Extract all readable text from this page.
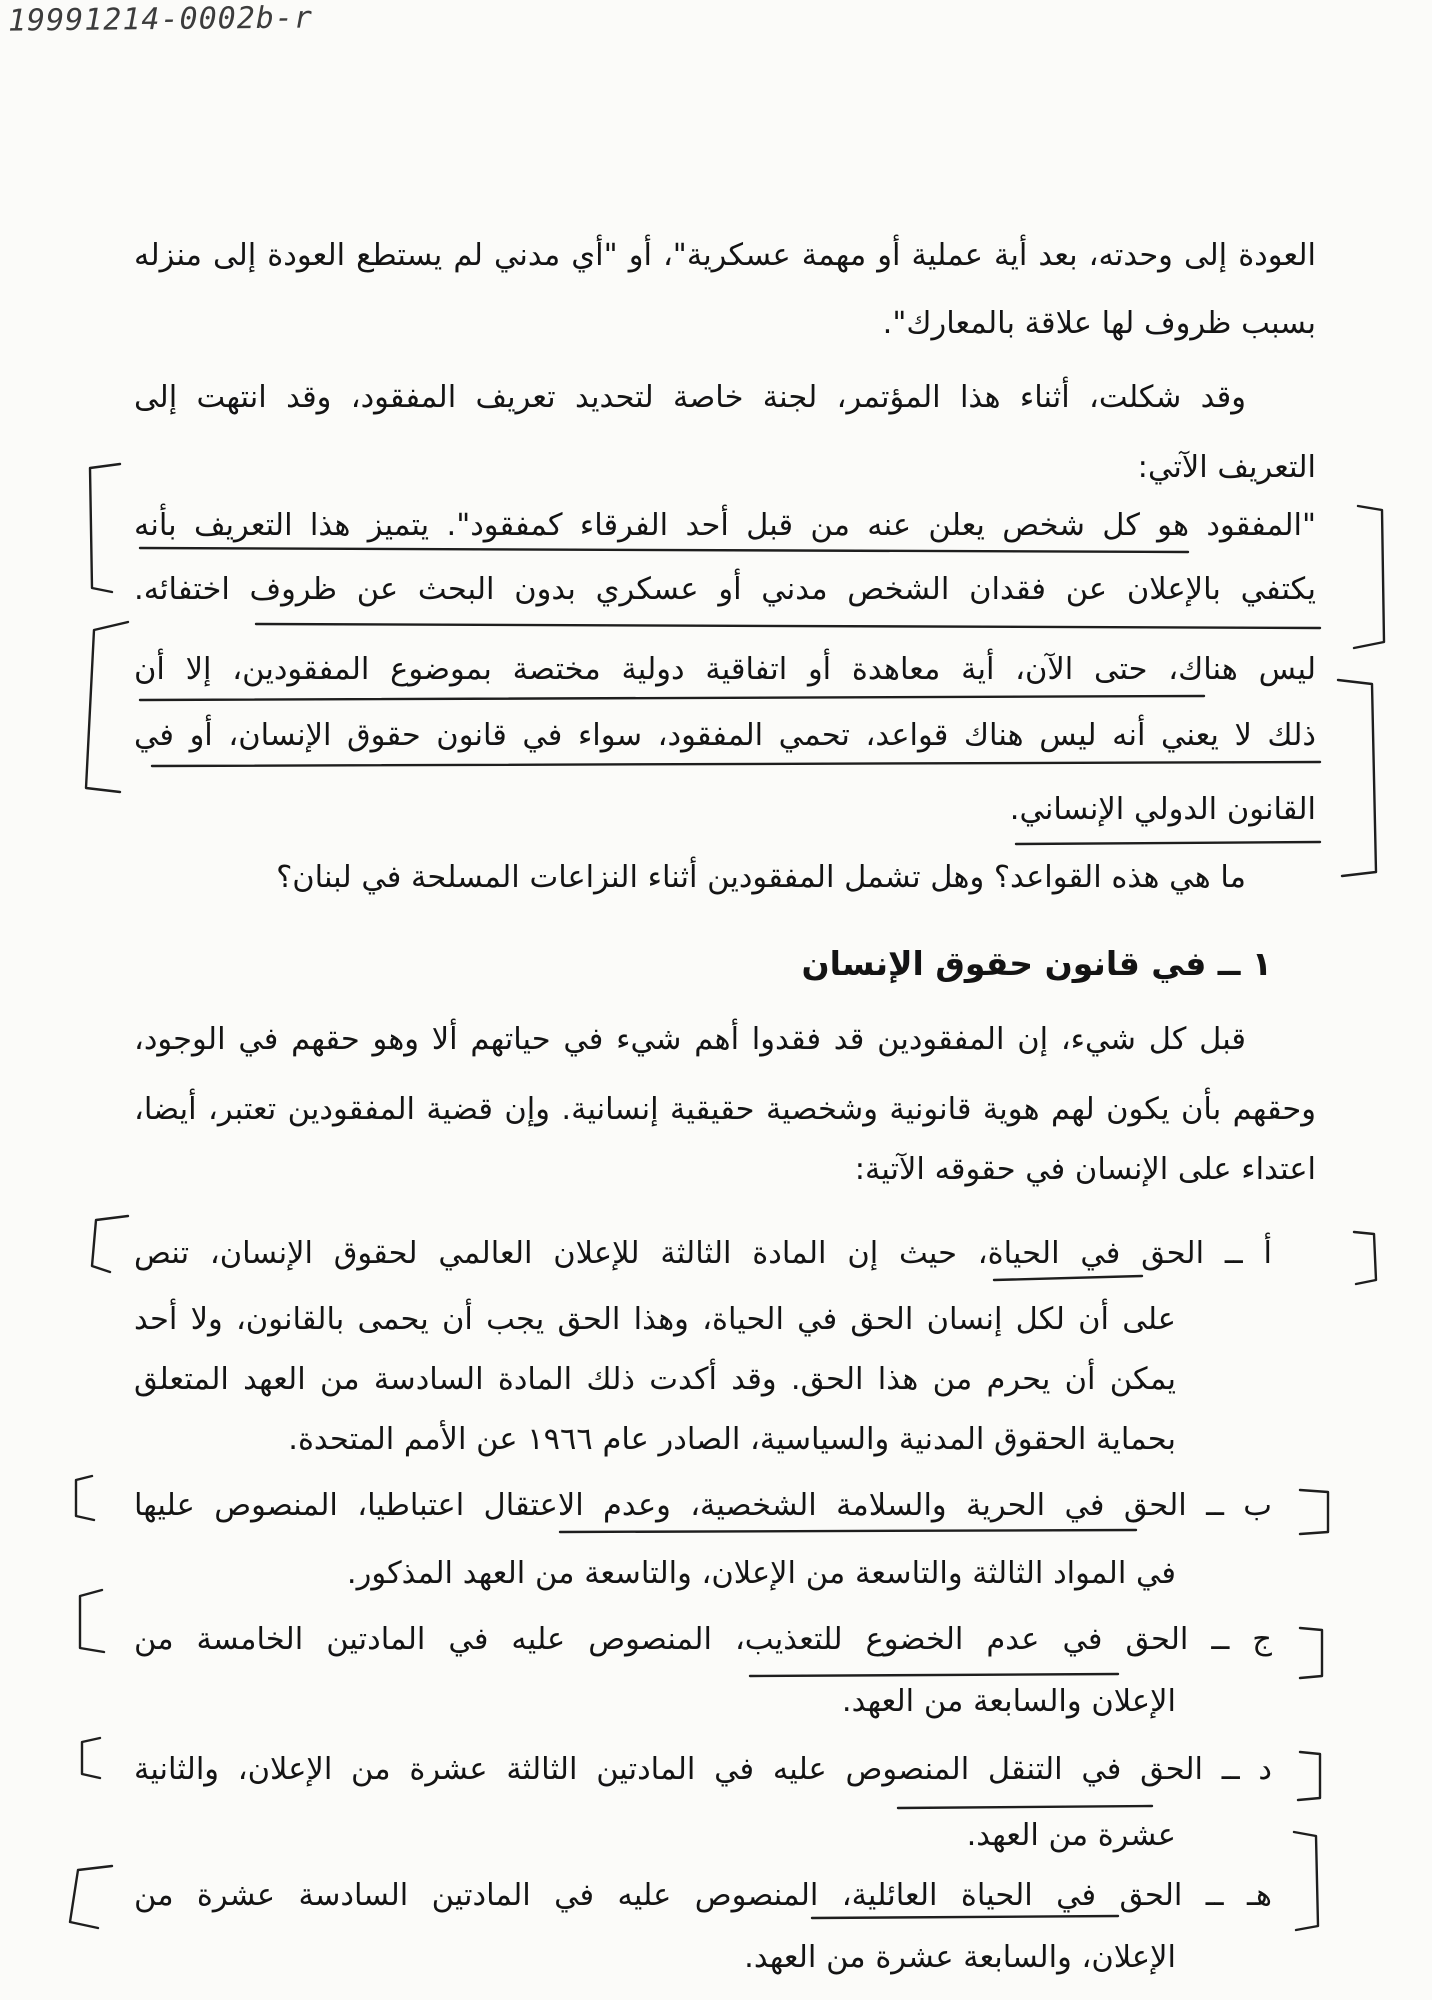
19991214-0002b-r
العودة إلى وحدته، بعد أية عملية أو مهمة عسكرية"، أو "أي مدني لم يستطع العودة إلى منزله
بسبب ظروف لها علاقة بالمعارك".
وقد شكلت، أثناء هذا المؤتمر، لجنة خاصة لتحديد تعريف المفقود، وقد انتهت إلى
التعريف الآتي:
"المفقود هو كل شخص يعلن عنه من قبل أحد الفرقاء كمفقود". يتميز هذا التعريف بأنه
يكتفي بالإعلان عن فقدان الشخص مدني أو عسكري بدون البحث عن ظروف اختفائه.
ليس هناك، حتى الآن، أية معاهدة أو اتفاقية دولية مختصة بموضوع المفقودين، إلا أن
ذلك لا يعني أنه ليس هناك قواعد، تحمي المفقود، سواء في قانون حقوق الإنسان، أو في
القانون الدولي الإنساني.
ما هي هذه القواعد؟ وهل تشمل المفقودين أثناء النزاعات المسلحة في لبنان؟
١ ــ في قانون حقوق الإنسان
قبل كل شيء، إن المفقودين قد فقدوا أهم شيء في حياتهم ألا وهو حقهم في الوجود،
وحقهم بأن يكون لهم هوية قانونية وشخصية حقيقية إنسانية. وإن قضية المفقودين تعتبر، أيضا،
اعتداء على الإنسان في حقوقه الآتية:
أ ــ الحق في الحياة، حيث إن المادة الثالثة للإعلان العالمي لحقوق الإنسان، تنص
على أن لكل إنسان الحق في الحياة، وهذا الحق يجب أن يحمى بالقانون، ولا أحد
يمكن أن يحرم من هذا الحق. وقد أكدت ذلك المادة السادسة من العهد المتعلق
بحماية الحقوق المدنية والسياسية، الصادر عام ١٩٦٦ عن الأمم المتحدة.
ب ــ الحق في الحرية والسلامة الشخصية، وعدم الاعتقال اعتباطيا، المنصوص عليها
في المواد الثالثة والتاسعة من الإعلان، والتاسعة من العهد المذكور.
ج ــ الحق في عدم الخضوع للتعذيب، المنصوص عليه في المادتين الخامسة من
الإعلان والسابعة من العهد.
د ــ الحق في التنقل المنصوص عليه في المادتين الثالثة عشرة من الإعلان، والثانية
عشرة من العهد.
هـ ــ الحق في الحياة العائلية، المنصوص عليه في المادتين السادسة عشرة من
الإعلان، والسابعة عشرة من العهد.
